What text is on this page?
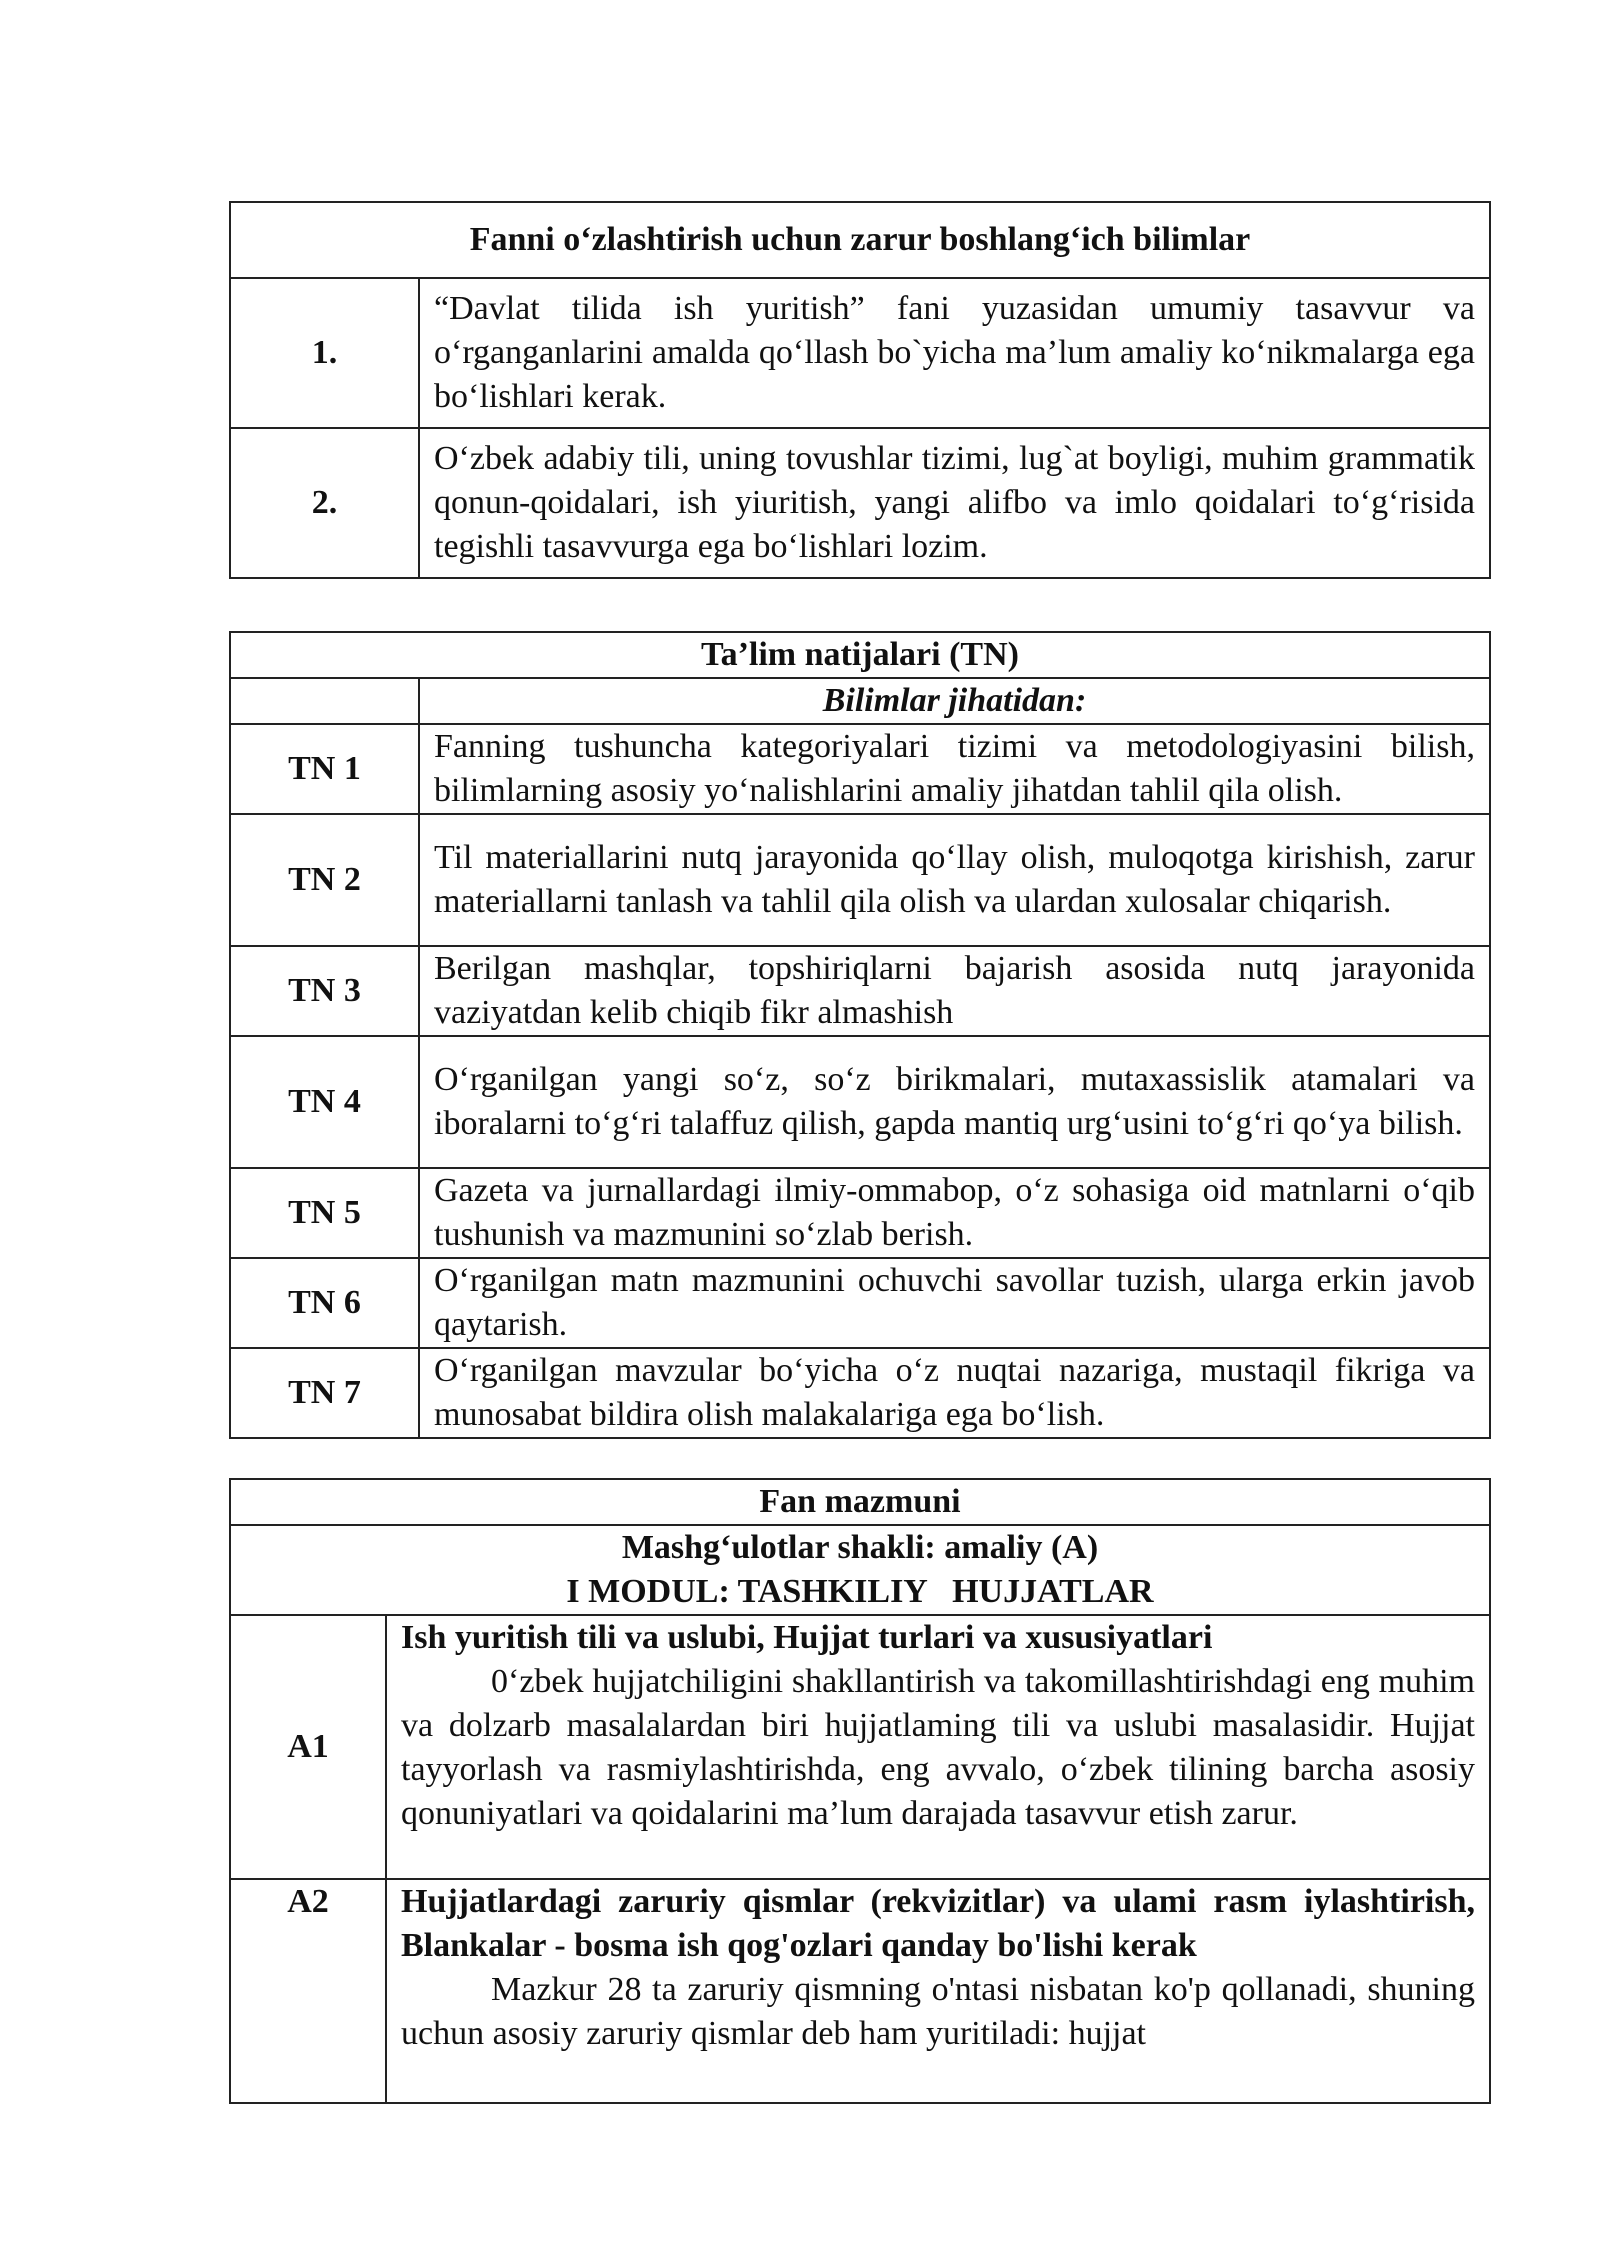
Fanni o‘zlashtirish uchun zarur boshlang‘ich bilimlar	
1.	“Davlat tilida ish yuritish” fani yuzasidan umumiy tasavvur va o‘rganganlarini amalda qo‘llash bo`yicha ma’lum amaliy ko‘nikmalarga ega bo‘lishlari kerak.
2.	O‘zbek adabiy tili, uning tovushlar tizimi, lug`at boyligi, muhim grammatik qonun-qoidalari, ish yiuritish, yangi alifbo va imlo qoidalari to‘g‘risida tegishli tasavvurga ega bo‘lishlari lozim.
Ta’lim natijalari (TN)	
	Bilimlar jihatidan:
TN 1	Fanning tushuncha kategoriyalari tizimi va metodologiyasini bilish, bilimlarning asosiy yo‘nalishlarini amaliy jihatdan tahlil qila olish.
TN 2	Til materiallarini nutq jarayonida qo‘llay olish, muloqotga kirishish, zarur materiallarni tanlash va tahlil qila olish va ulardan xulosalar chiqarish.
TN 3	Berilgan mashqlar, topshiriqlarni bajarish asosida nutq jarayonida vaziyatdan kelib chiqib fikr almashish
TN 4	O‘rganilgan yangi so‘z, so‘z birikmalari, mutaxassislik atamalari va iboralarni to‘g‘ri talaffuz qilish, gapda mantiq urg‘usini to‘g‘ri qo‘ya bilish.
TN 5	Gazeta va jurnallardagi ilmiy-ommabop, o‘z sohasiga oid matnlarni o‘qib tushunish va mazmunini so‘zlab berish.
TN 6	O‘rganilgan matn mazmunini ochuvchi savollar tuzish, ularga erkin javob qaytarish.
TN 7	O‘rganilgan mavzular bo‘yicha o‘z nuqtai nazariga, mustaqil fikriga va munosabat bildira olish malakalariga ega bo‘lish.
Fan mazmuni	

Mashg‘ulotlar shakli: amaliy (A)
I MODUL: TASHKILIY   HUJJATLAR	

A1	Ish yuritish tili va uslubi, Hujjat turlari va xususiyatlari
0‘zbek hujjatchiligini shakllantirish va takomillashtirishdagi eng muhim va dolzarb masalalardan biri hujjatlaming tili va uslubi masalasidir. Hujjat tayyorlash va rasmiylashtirishda, eng avvalo, o‘zbek tilining barcha asosiy qonuniyatlari va qoidalarini ma’lum darajada tasavvur etish zarur.

A2	Hujjatlardagi zaruriy qismlar (rekvizitlar) va ulami rasm iylashtirish, Blankalar - bosma ish qog'ozlari qanday bo'lishi kerak
Mazkur 28 ta zaruriy qismning o'ntasi nisbatan ko'p qollanadi, shuning uchun asosiy zaruriy qismlar deb ham yuritiladi: hujjat
